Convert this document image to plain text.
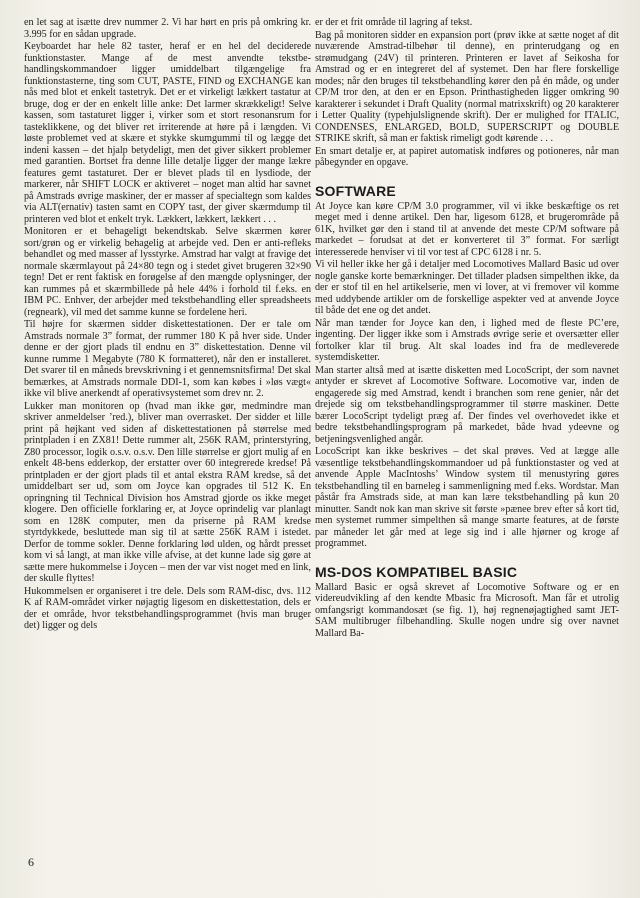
en let sag at isætte drev nummer 2. Vi har hørt en pris på omkring kr. 3.995 for en sådan upgrade.

Keyboardet har hele 82 taster, heraf er en hel del deciderede funktionstaster. Mange af de mest anvendte tekstbehandlingskommandoer ligger umiddelbart tilgængelige fra funktionstasterne, ting som CUT, PASTE, FIND og EXCHANGE kan nås med blot et enkelt tastetryk. Det er et virkeligt lækkert tastatur at bruge, dog er der en enkelt lille anke: Det larmer skrækkeligt! Selve kassen, som tastaturet ligger i, virker som et stort resonansrum for tasteklikkene, og det bliver ret irriterende at høre på i længden. Vi løste problemet ved at skære et stykke skumgummi til og lægge det indeni kassen – det hjalp betydeligt, men det giver sikkert problemer med garantien. Bortset fra denne lille detalje ligger der mange lækre features gemt tastaturet. Der er blevet plads til en lysdiode, der markerer, når SHIFT LOCK er aktiveret – noget man altid har savnet på Amstrads øvrige maskiner, der er masser af specialtegn som kaldes via ALT(ernativ) tasten samt en COPY tast, der giver skærmdump til printeren ved blot et enkelt tryk. Lækkert, lækkert, lækkert . . .

Monitoren er et behageligt bekendtskab. Selve skærmen kører sort/grøn og er virkelig behagelig at arbejde ved. Den er anti-refleks behandlet og med masser af lysstyrke. Amstrad har valgt at fravige det normale skærmlayout på 24×80 tegn og i stedet givet brugeren 32×90 tegn! Det er rent faktisk en forøgelse af den mængde oplysninger, der kan rummes på et skærmbillede på hele 44% i forhold til f.eks. en IBM PC. Enhver, der arbejder med tekstbehandling eller spreadsheets (regneark), vil med det samme kunne se fordelene heri.

Til højre for skærmen sidder diskettestationen. Der er tale om Amstrads normale 3” format, der rummer 180 K på hver side. Under denne er der gjort plads til endnu en 3” diskettestation. Denne vil kunne rumme 1 Megabyte (780 K formatteret), når den er installeret. Det svarer til en måneds brevskrivning i et gennemsnitsfirma! Det skal bemærkes, at Amstrads normale DDI-1, som kan købes i »løs vægt« ikke vil blive anerkendt af operativsystemet som drev nr. 2.

Lukker man monitoren op (hvad man ikke gør, medmindre man skriver anmeldelser ’red.), bliver man overrasket. Der sidder et lille print på højkant ved siden af diskettestationen på størrelse med printpladen i en ZX81! Dette rummer alt, 256K RAM, printerstyring, Z80 processor, logik o.s.v. o.s.v. Den lille størrelse er gjort mulig af en enkelt 48-bens edderkop, der erstatter over 60 integrerede kredse! På printpladen er der gjort plads til et antal ekstra RAM kredse, så det umiddelbart ser ud, som om Joyce kan opgrades til 512 K. En opringning til Technical Division hos Amstrad gjorde os ikke meget klogere. Den officielle forklaring er, at Joyce oprindelig var planlagt som en 128K computer, men da priserne på RAM kredse styrtdykkede, besluttede man sig til at sætte 256K RAM i istedet. Derfor de tomme sokler. Denne forklaring lød ulden, og hårdt presset kom vi så langt, at man ikke ville afvise, at det kunne lade sig gøre at sætte mere hukommelse i Joycen – men der var vist noget med en link, der skulle flyttes!

Hukommelsen er organiseret i tre dele. Dels som RAM-disc, dvs. 112 K af RAM-området virker nøjagtig ligesom en diskettestation, dels er der et område, hvor tekstbehandlingsprogrammet (hvis man bruger det) ligger og dels

er der et frit område til lagring af tekst.

Bag på monitoren sidder en expansion port (prøv ikke at sætte noget af dit nuværende Amstrad-tilbehør til denne), en printerudgang og en strømudgang (24V) til printeren. Printeren er lavet af Seikosha for Amstrad og er en integreret del af systemet. Den har flere forskellige modes; når den bruges til tekstbehandling kører den på én måde, og under CP/M tror den, at den er en Epson. Printhastigheden ligger omkring 90 karakterer i sekundet i Draft Quality (normal matrixskrift) og 20 karakterer i Letter Quality (typehjulslignende skrift). Der er mulighed for ITALIC, CONDENSES, ENLARGED, BOLD, SUPERSCRIPT og DOUBLE STRIKE skrift, så man er faktisk rimeligt godt kørende . . .

En smart detalje er, at papiret automatisk indføres og potioneres, når man påbegynder en opgave.

SOFTWARE

At Joyce kan køre CP/M 3.0 programmer, vil vi ikke beskæftige os ret meget med i denne artikel. Den har, ligesom 6128, et brugerområde på 61K, hvilket gør den i stand til at anvende det meste CP/M software på markedet – forudsat at det er konverteret til 3” format. For særligt interesserede henviser vi til vor test af CPC 6128 i nr. 5.

Vi vil heller ikke her gå i detaljer med Locomotives Mallard Basic ud over nogle ganske korte bemærkninger. Det tillader pladsen simpelthen ikke, da der er stof til en hel artikelserie, men vi lover, at vi fremover vil komme med uddybende artikler om de forskellige aspekter ved at anvende Joyce til både det ene og det andet.

Når man tænder for Joyce kan den, i lighed med de fleste PC’ere, ingenting. Der ligger ikke som i Amstrads øvrige serie et oversætter eller fortolker klar til brug. Alt skal loades ind fra de medleverede systemdisketter.

Man starter altså med at isætte disketten med LocoScript, der som navnet antyder er skrevet af Locomotive Software. Locomotive var, inden de engagerede sig med Amstrad, kendt i branchen som rene genier, når det drejede sig om tekstbehandlingsprogrammer til større maskiner. Dette bærer LocoScript tydeligt præg af. Der findes vel overhovedet ikke et bedre tekstbehandlingsprogram på markedet, både hvad ydeevne og betjeningsvenlighed angår.

LocoScript kan ikke beskrives – det skal prøves. Ved at lægge alle væsentlige tekstbehandlingskommandoer ud på funktionstaster og ved at anvende Apple MacIntoshs’ Window system til menustyring gøres tekstbehandling til en barneleg i sammenligning med f.eks. Wordstar. Man påstår fra Amstrads side, at man kan lære tekstbehandling på kun 20 minutter. Sandt nok kan man skrive sit første »pænee brev efter så kort tid, men systemet rummer simpelthen så mange smarte features, at de første par måneder let går med at lege sig ind i alle hjørner og kroge af programmet.

MS-DOS KOMPATIBEL BASIC

Mallard Basic er også skrevet af Locomotive Software og er en videreudvikling af den kendte Mbasic fra Microsoft. Man får et utrolig omfangsrigt kommandosæt (se fig. 1), høj regnenøjagtighed samt JET-SAM multibruger filbehandling. Skulle nogen undre sig over navnet Mallard Ba-

6
